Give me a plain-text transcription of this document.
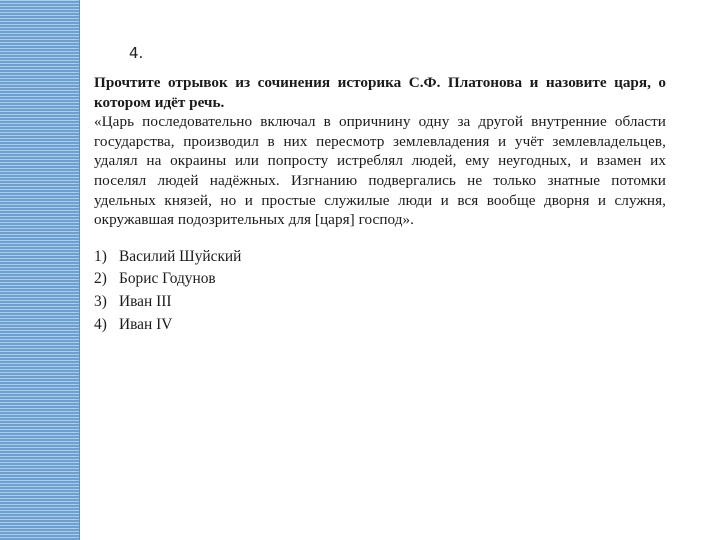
4.

Прочтите отрывок из сочинения историка С.Ф. Платонова и назовите царя, о котором идёт речь.

«Царь последовательно включал в опричнину одну за другой внутренние области государства, производил в них пересмотр землевладения и учёт землевладельцев, удалял на окраины или попросту истреблял людей, ему неугодных, и взамен их поселял людей надёжных. Изгнанию подвергались не только знатные потомки удельных князей, но и простые служилые люди и вся вообще дворня и служня, окружавшая подозрительных для [царя] господ».

1) Василий Шуйский
2) Борис Годунов
3) Иван III
4) Иван IV
